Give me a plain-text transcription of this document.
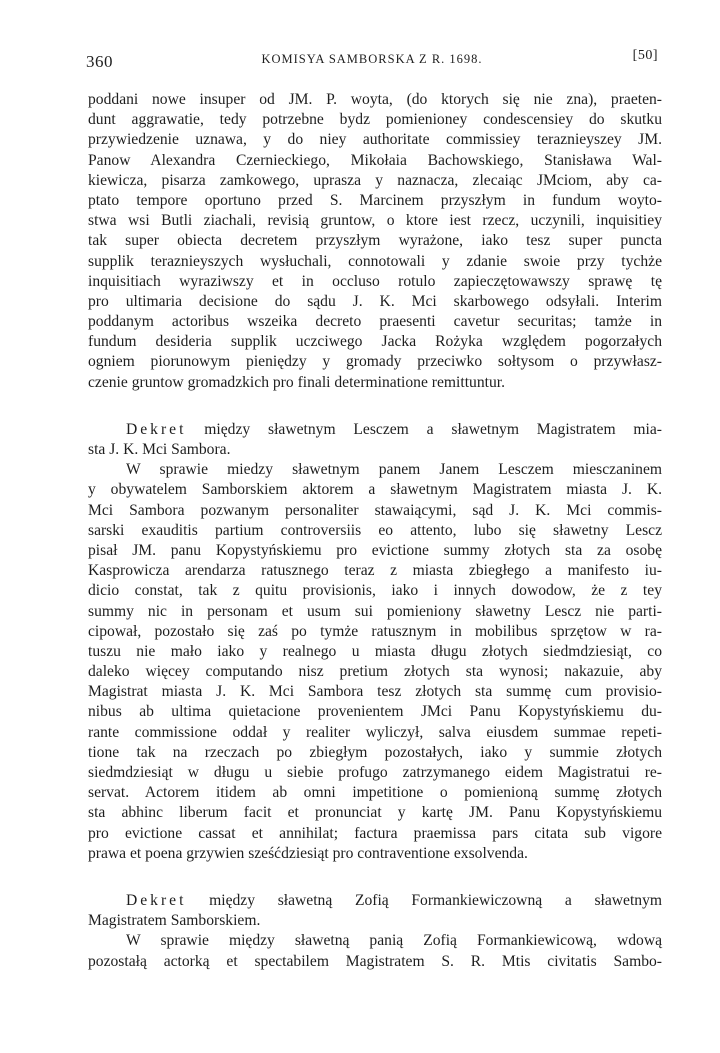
360	KOMISYA SAMBORSKA Z R. 1698.	[50]
poddani nowe insuper od JM. P. woyta, (do ktorych się nie zna), praeten-
dunt aggrawatie, tedy potrzebne bydz pomienioney condescensiey do skutku
przywiedzenie uznawa, y do niey authoritate commissiey teraznieyszey JM.
Panow Alexandra Czernieckiego, Mikołaia Bachowskiego, Stanisława Wal-
kiewicza, pisarza zamkowego, uprasza y naznacza, zlecaiąc JMciom, aby ca-
ptato tempore oportuno przed S. Marcinem przyszłym in fundum woyto-
stwa wsi Butli ziachali, revisią gruntow, o ktore iest rzecz, uczynili, inquisitiey
tak super obiecta decretem przyszłym wyrażone, iako tesz super puncta
supplik teraznieyszych wysłuchali, connotowali y zdanie swoie przy tychże
inquisitiach wyraziwszy et in occluso rotulo zapieczętowawszy sprawę tę
pro ultimaria decisione do sądu J. K. Mci skarbowego odsyłali. Interim
poddanym actoribus wszeika decreto praesenti cavetur securitas; tamże in
fundum desideria supplik uczciwego Jacka Rożyka względem pogorzałych
ogniem piorunowym pieniędzy y gromady przeciwko sołtysom o przywłasz-
czenie gruntow gromadzkich pro finali determinatione remittuntur.
Dekret między sławetnym Lesczem a sławetnym Magistratem mia-
sta J. K. Mci Sambora.
W sprawie miedzy sławetnym panem Janem Lesczem miesczaninem
y obywatelem Samborskiem aktorem a sławetnym Magistratem miasta J. K.
Mci Sambora pozwanym personaliter stawaiącymi, sąd J. K. Mci commis-
sarski exauditis partium controversiis eo attento, lubo się sławetny Lescz
pisał JM. panu Kopystyńskiemu pro evictione summy złotych sta za osobę
Kasprowicza arendarza ratusznego teraz z miasta zbiegłego a manifesto iu-
dicio constat, tak z quitu provisionis, iako i innych dowodow, że z tey
summy nic in personam et usum sui pomieniony sławetny Lescz nie parti-
cipował, pozostało się zaś po tymże ratusznym in mobilibus sprzętow w ra-
tuszu nie mało iako y realnego u miasta długu złotych siedmdziesiąt, co
daleko więcey computando nisz pretium złotych sta wynosi; nakazuie, aby
Magistrat miasta J. K. Mci Sambora tesz złotych sta summę cum provisio-
nibus ab ultima quietacione provenientem JMci Panu Kopystyńskiemu du-
rante commissione oddał y realiter wyliczył, salva eiusdem summae repeti-
tione tak na rzeczach po zbiegłym pozostałych, iako y summie złotych
siedmdziesiąt w długu u siebie profugo zatrzymanego eidem Magistratui re-
servat. Actorem itidem ab omni impetitione o pomienioną summę złotych
sta abhinc liberum facit et pronunciat y kartę JM. Panu Kopystyńskiemu
pro evictione cassat et annihilat; factura praemissa pars citata sub vigore
prawa et poena grzywien sześćdziesiąt pro contraventione exsolvenda.
Dekret między sławetną Zofią Formankiewiczowną a sławetnym
Magistratem Samborskiem.
W sprawie między sławetną panią Zofią Formankiewicową, wdową
pozostałą actorką et spectabilem Magistratem S. R. Mtis civitatis Sambo-
